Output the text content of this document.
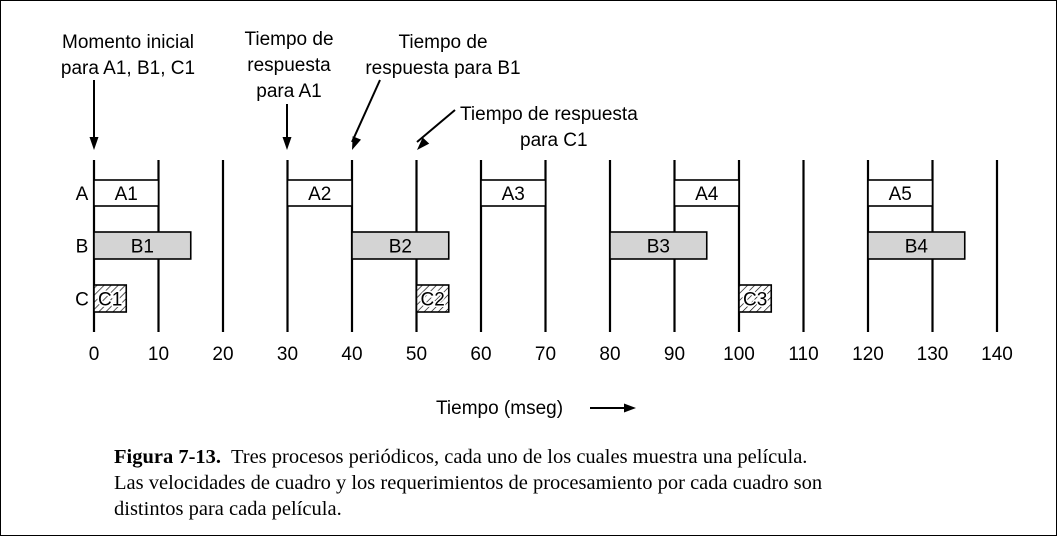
A A1	A2	A3	A4	A5
B B1	B2	B3	B4
C C1	C2	C3
Momento inicial
para A1, B1, C1
Tiempo de
respuesta
para A1
Tiempo de
respuesta para B1
Tiempo de respuesta
para C1
0	10 20 30 40 50 60 70 80 90 100 110 120 130 140
Tiempo (mseg)
Figura 7-13. Tres procesos periódicos, cada uno de los cuales muestra una película.
Las velocidades de cuadro y los requerimientos de procesamiento por cada cuadro son
distintos para cada película.
